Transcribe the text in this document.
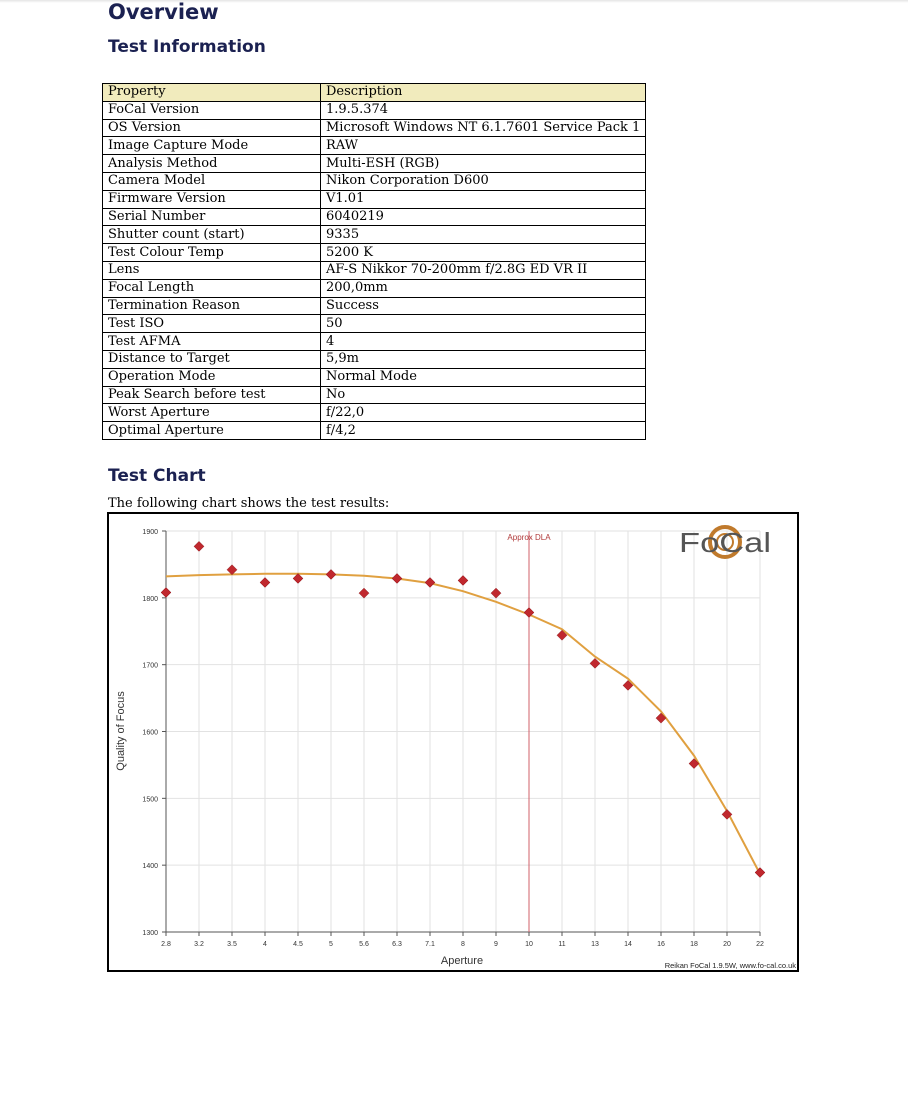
Overview
Test Information
Property	Description
FoCal Version	1.9.5.374
OS Version	Microsoft Windows NT 6.1.7601 Service Pack 1
Image Capture Mode	RAW
Analysis Method	Multi-ESH (RGB)
Camera Model	Nikon Corporation D600
Firmware Version	V1.01
Serial Number	6040219
Shutter count (start)	9335
Test Colour Temp	5200 K
Lens	AF-S Nikkor 70-200mm f/2.8G ED VR II
Focal Length	200,0mm
Termination Reason	Success
Test ISO	50
Test AFMA	4
Distance to Target	5,9m
Operation Mode	Normal Mode
Peak Search before test	No
Worst Aperture	f/22,0
Optimal Aperture	f/4,2
Test Chart

The following chart shows the test results:

1300
1400
1500
1600
1700
1800
1900
2.8	3.2	3.5	4	4.5	5	5.6	6.3	7.1	8	9	10	11	13	14	16	18	20	22
Approx DLA
Quality of Focus
Aperture
FoCal
Reikan FoCal 1.9.5W, www.fo-cal.co.uk
